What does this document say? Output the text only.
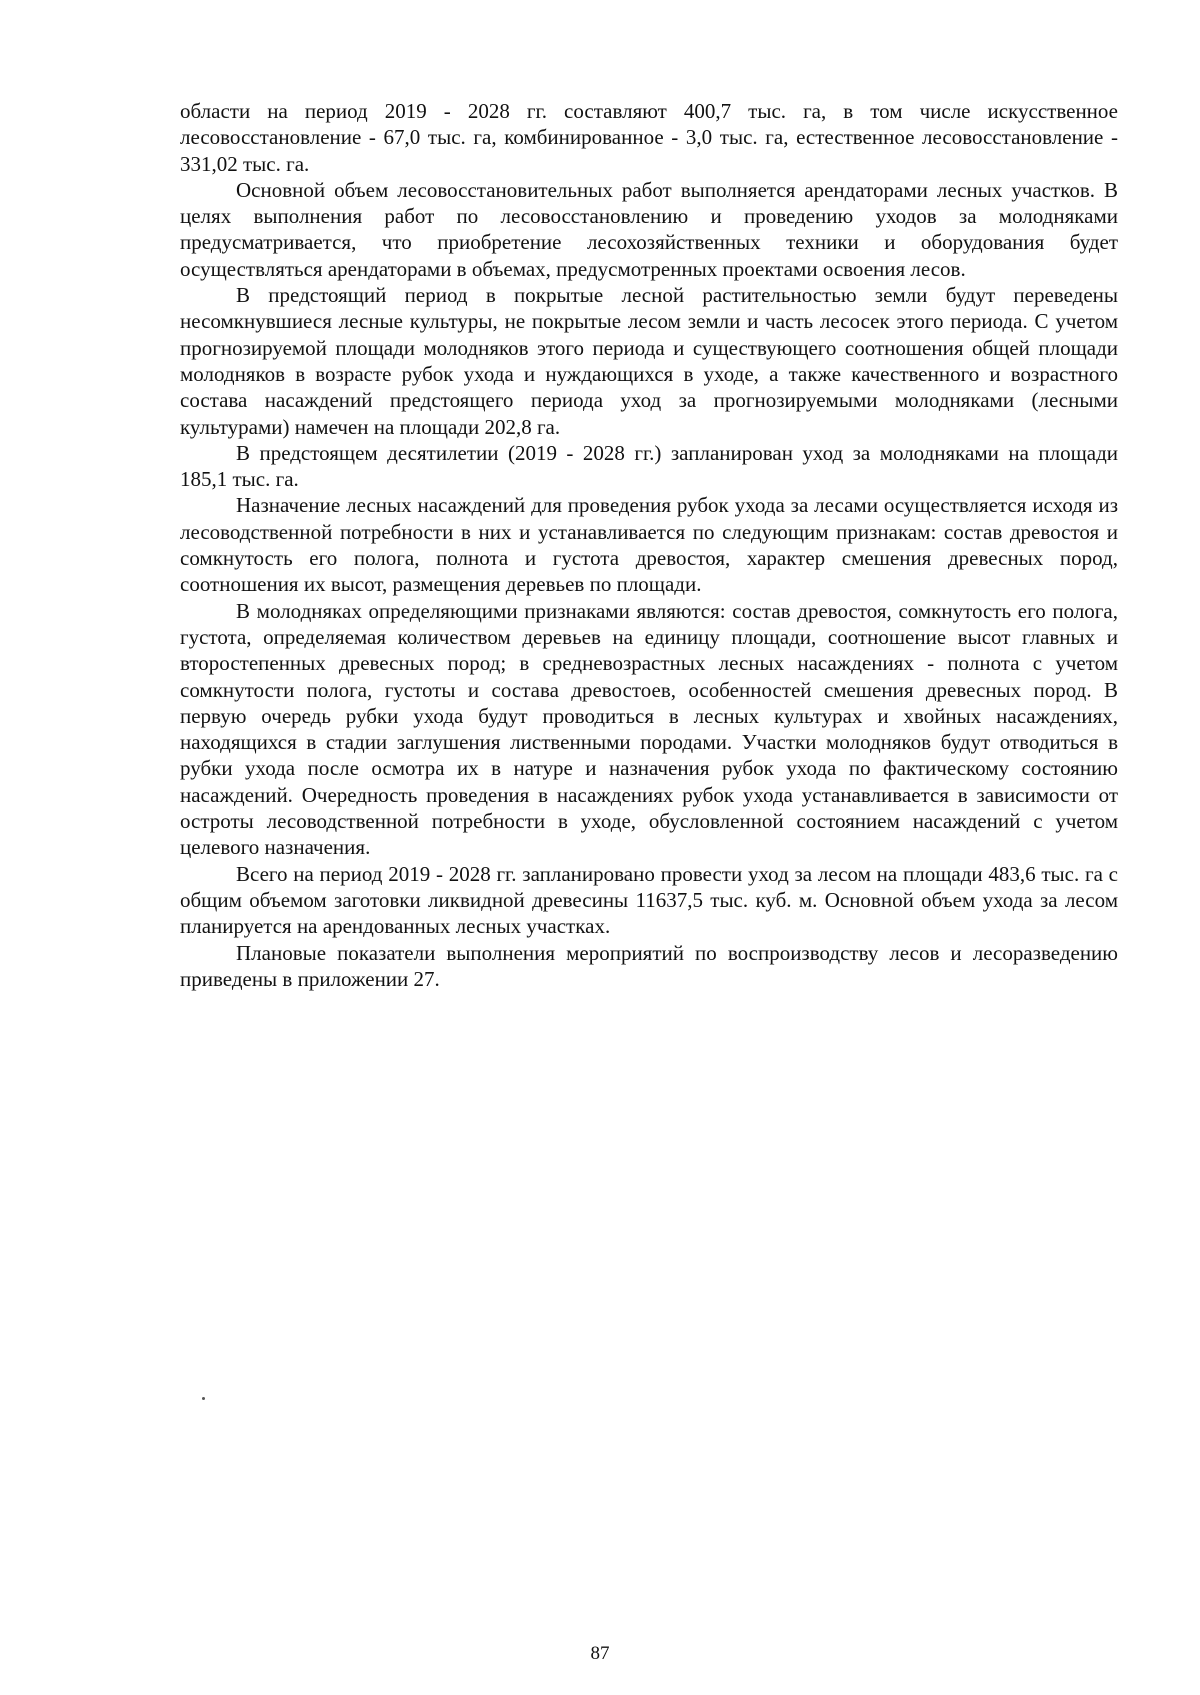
области на период 2019 - 2028 гг. составляют 400,7 тыс. га, в том числе искусственное лесовосстановление - 67,0 тыс. га, комбинированное - 3,0 тыс. га, естественное лесовосстановление - 331,02 тыс. га.

Основной объем лесовосстановительных работ выполняется арендаторами лесных участков. В целях выполнения работ по лесовосстановлению и проведению уходов за молодняками предусматривается, что приобретение лесохозяйственных техники и оборудования будет осуществляться арендаторами в объемах, предусмотренных проектами освоения лесов.

В предстоящий период в покрытые лесной растительностью земли будут переведены несомкнувшиеся лесные культуры, не покрытые лесом земли и часть лесосек этого периода. С учетом прогнозируемой площади молодняков этого периода и существующего соотношения общей площади молодняков в возрасте рубок ухода и нуждающихся в уходе, а также качественного и возрастного состава насаждений предстоящего периода уход за прогнозируемыми молодняками (лесными культурами) намечен на площади 202,8 га.

В предстоящем десятилетии (2019 - 2028 гг.) запланирован уход за молодняками на площади 185,1 тыс. га.

Назначение лесных насаждений для проведения рубок ухода за лесами осуществляется исходя из лесоводственной потребности в них и устанавливается по следующим признакам: состав древостоя и сомкнутость его полога, полнота и густота древостоя, характер смешения древесных пород, соотношения их высот, размещения деревьев по площади.

В молодняках определяющими признаками являются: состав древостоя, сомкнутость его полога, густота, определяемая количеством деревьев на единицу площади, соотношение высот главных и второстепенных древесных пород; в средневозрастных лесных насаждениях - полнота с учетом сомкнутости полога, густоты и состава древостоев, особенностей смешения древесных пород. В первую очередь рубки ухода будут проводиться в лесных культурах и хвойных насаждениях, находящихся в стадии заглушения лиственными породами. Участки молодняков будут отводиться в рубки ухода после осмотра их в натуре и назначения рубок ухода по фактическому состоянию насаждений. Очередность проведения в насаждениях рубок ухода устанавливается в зависимости от остроты лесоводственной потребности в уходе, обусловленной состоянием насаждений с учетом целевого назначения.

Всего на период 2019 - 2028 гг. запланировано провести уход за лесом на площади 483,6 тыс. га с общим объемом заготовки ликвидной древесины 11637,5 тыс. куб. м. Основной объем ухода за лесом планируется на арендованных лесных участках.

Плановые показатели выполнения мероприятий по воспроизводству лесов и лесоразведению приведены в приложении 27.

87
